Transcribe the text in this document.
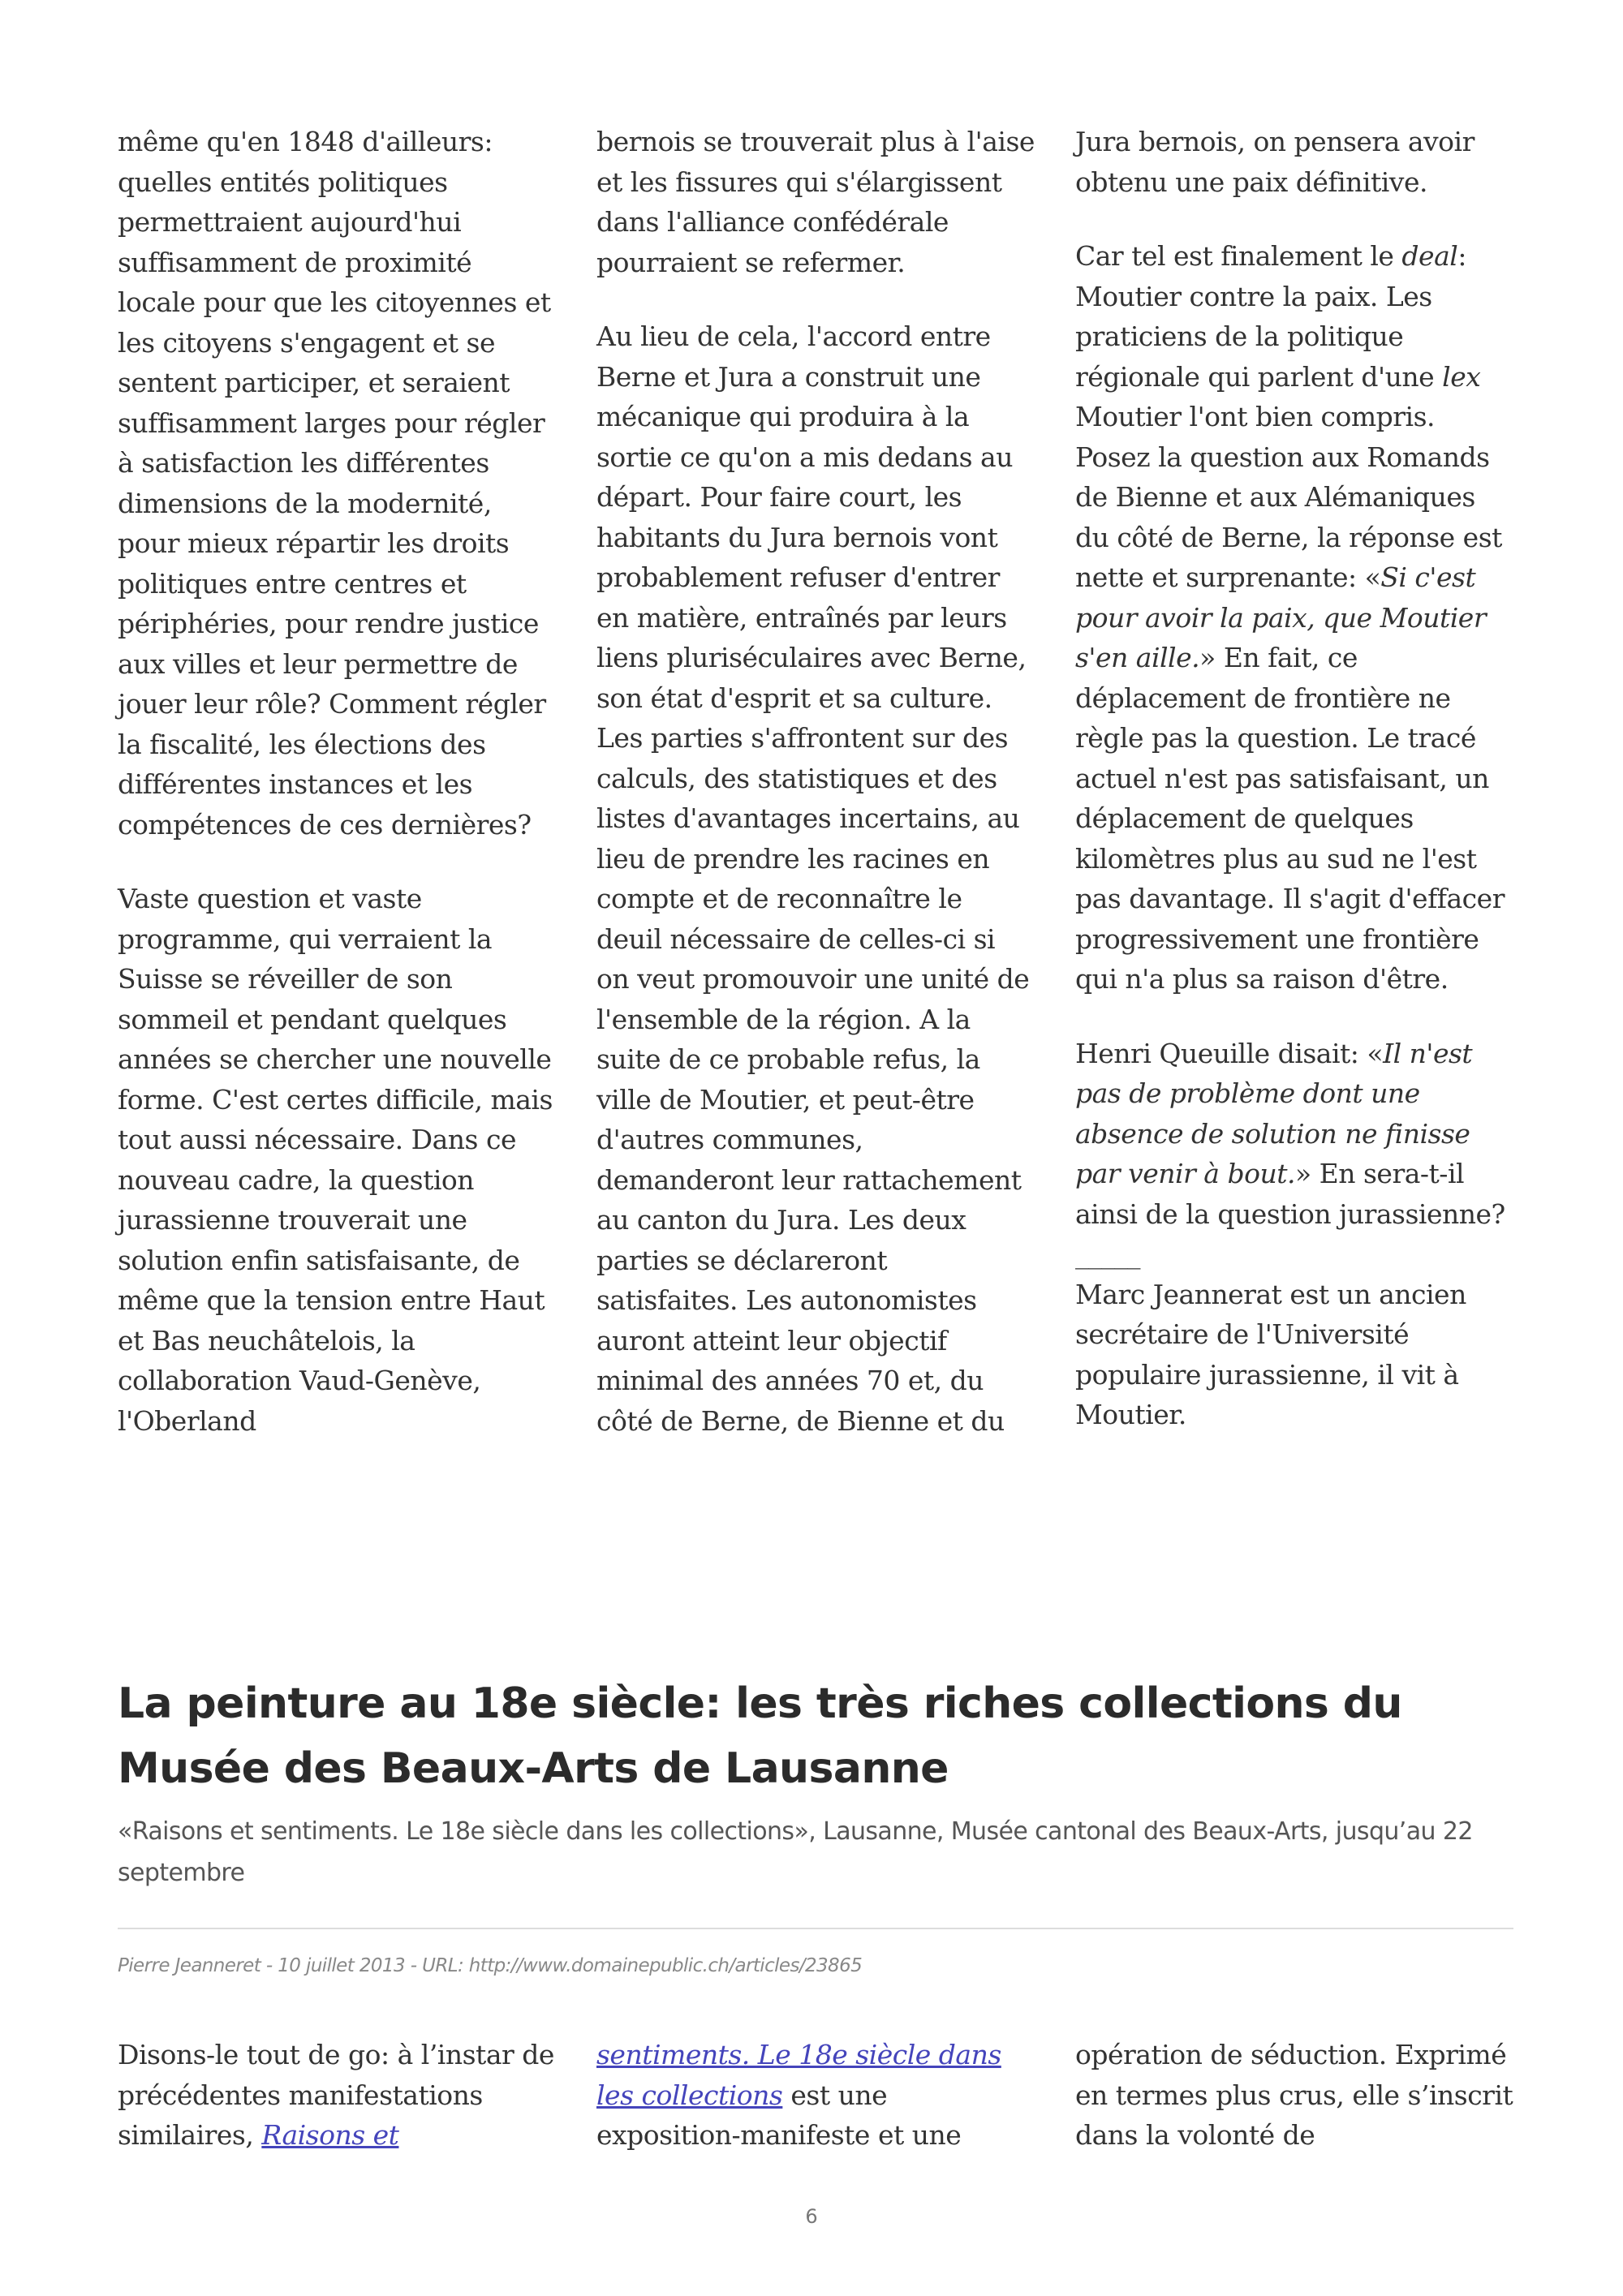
même qu'en 1848 d'ailleurs: quelles entités politiques permettraient aujourd'hui suffisamment de proximité locale pour que les citoyennes et les citoyens s'engagent et se sentent participer, et seraient suffisamment larges pour régler à satisfaction les différentes dimensions de la modernité, pour mieux répartir les droits politiques entre centres et périphéries, pour rendre justice aux villes et leur permettre de jouer leur rôle? Comment régler la fiscalité, les élections des différentes instances et les compétences de ces dernières?

Vaste question et vaste programme, qui verraient la Suisse se réveiller de son sommeil et pendant quelques années se chercher une nouvelle forme. C'est certes difficile, mais tout aussi nécessaire. Dans ce nouveau cadre, la question jurassienne trouverait une solution enfin satisfaisante, de même que la tension entre Haut et Bas neuchâtelois, la collaboration Vaud-Genève, l'Oberland

bernois se trouverait plus à l'aise et les fissures qui s'élargissent dans l'alliance confédérale pourraient se refermer.

Au lieu de cela, l'accord entre Berne et Jura a construit une mécanique qui produira à la sortie ce qu'on a mis dedans au départ. Pour faire court, les habitants du Jura bernois vont probablement refuser d'entrer en matière, entraînés par leurs liens pluriséculaires avec Berne, son état d'esprit et sa culture. Les parties s'affrontent sur des calculs, des statistiques et des listes d'avantages incertains, au lieu de prendre les racines en compte et de reconnaître le deuil nécessaire de celles-ci si on veut promouvoir une unité de l'ensemble de la région. A la suite de ce probable refus, la ville de Moutier, et peut-être d'autres communes, demanderont leur rattachement au canton du Jura. Les deux parties se déclareront satisfaites. Les autonomistes auront atteint leur objectif minimal des années 70 et, du côté de Berne, de Bienne et du

Jura bernois, on pensera avoir obtenu une paix définitive.

Car tel est finalement le deal: Moutier contre la paix. Les praticiens de la politique régionale qui parlent d'une lex Moutier l'ont bien compris. Posez la question aux Romands de Bienne et aux Alémaniques du côté de Berne, la réponse est nette et surprenante: «Si c'est pour avoir la paix, que Moutier s'en aille.» En fait, ce déplacement de frontière ne règle pas la question. Le tracé actuel n'est pas satisfaisant, un déplacement de quelques kilomètres plus au sud ne l'est pas davantage. Il s'agit d'effacer progressivement une frontière qui n'a plus sa raison d'être.

Henri Queuille disait: «Il n'est pas de problème dont une absence de solution ne finisse par venir à bout.» En sera-t-il ainsi de la question jurassienne?

_____

Marc Jeannerat est un ancien secrétaire de l'Université populaire jurassienne, il vit à Moutier.

La peinture au 18e siècle: les très riches collections du Musée des Beaux-Arts de Lausanne

«Raisons et sentiments. Le 18e siècle dans les collections», Lausanne, Musée cantonal des Beaux-Arts, jusqu’au 22 septembre

Pierre Jeanneret - 10 juillet 2013 - URL: http://www.domainepublic.ch/articles/23865

Disons-le tout de go: à l’instar de précédentes manifestations similaires, Raisons et
sentiments. Le 18e siècle dans les collections est une exposition-manifeste et une
opération de séduction. Exprimé en termes plus crus, elle s’inscrit dans la volonté de
6
